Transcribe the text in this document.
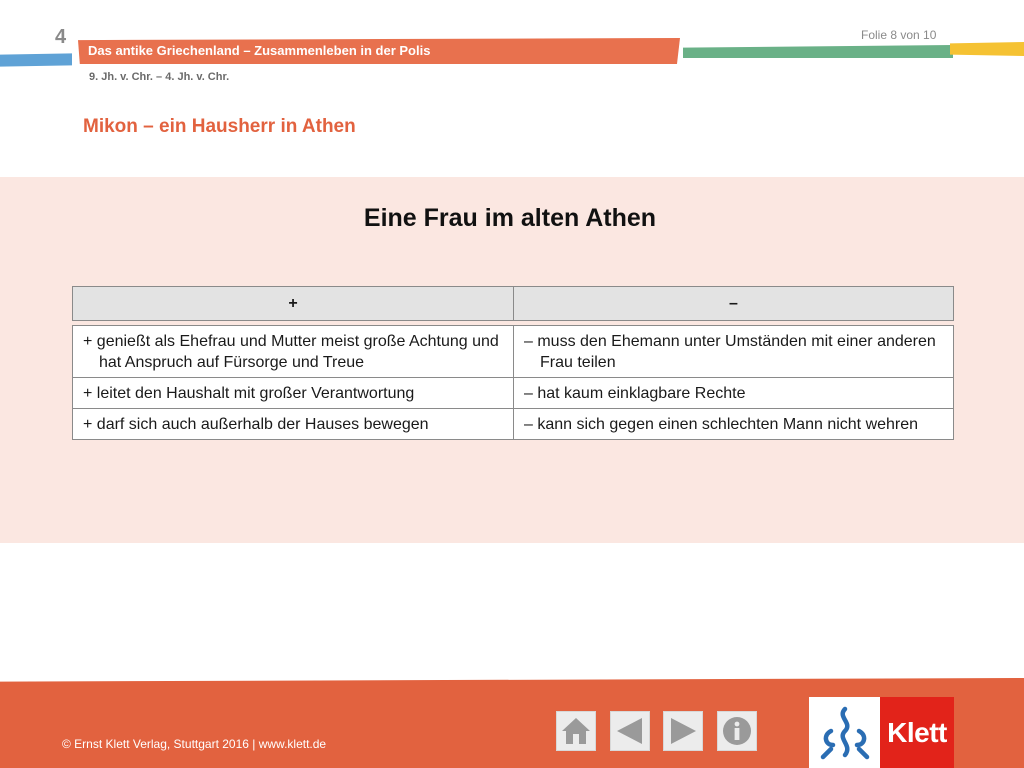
4
Das antike Griechenland – Zusammenleben in der Polis
Folie 8 von 10
9. Jh. v. Chr. – 4. Jh. v. Chr.
Mikon – ein Hausherr in Athen
Eine Frau im alten Athen
+	–
+ genießt als Ehefrau und Mutter meist große Achtung und hat Anspruch auf Fürsorge und Treue	– muss den Ehemann unter Umständen mit einer anderen Frau teilen

+ leitet den Haushalt mit großer Verantwortung	– hat kaum einklagbare Rechte

+ darf sich auch außerhalb der Hauses bewegen	– kann sich gegen einen schlechten Mann nicht wehren
© Ernst Klett Verlag, Stuttgart 2016 | www.klett.de	Klett
